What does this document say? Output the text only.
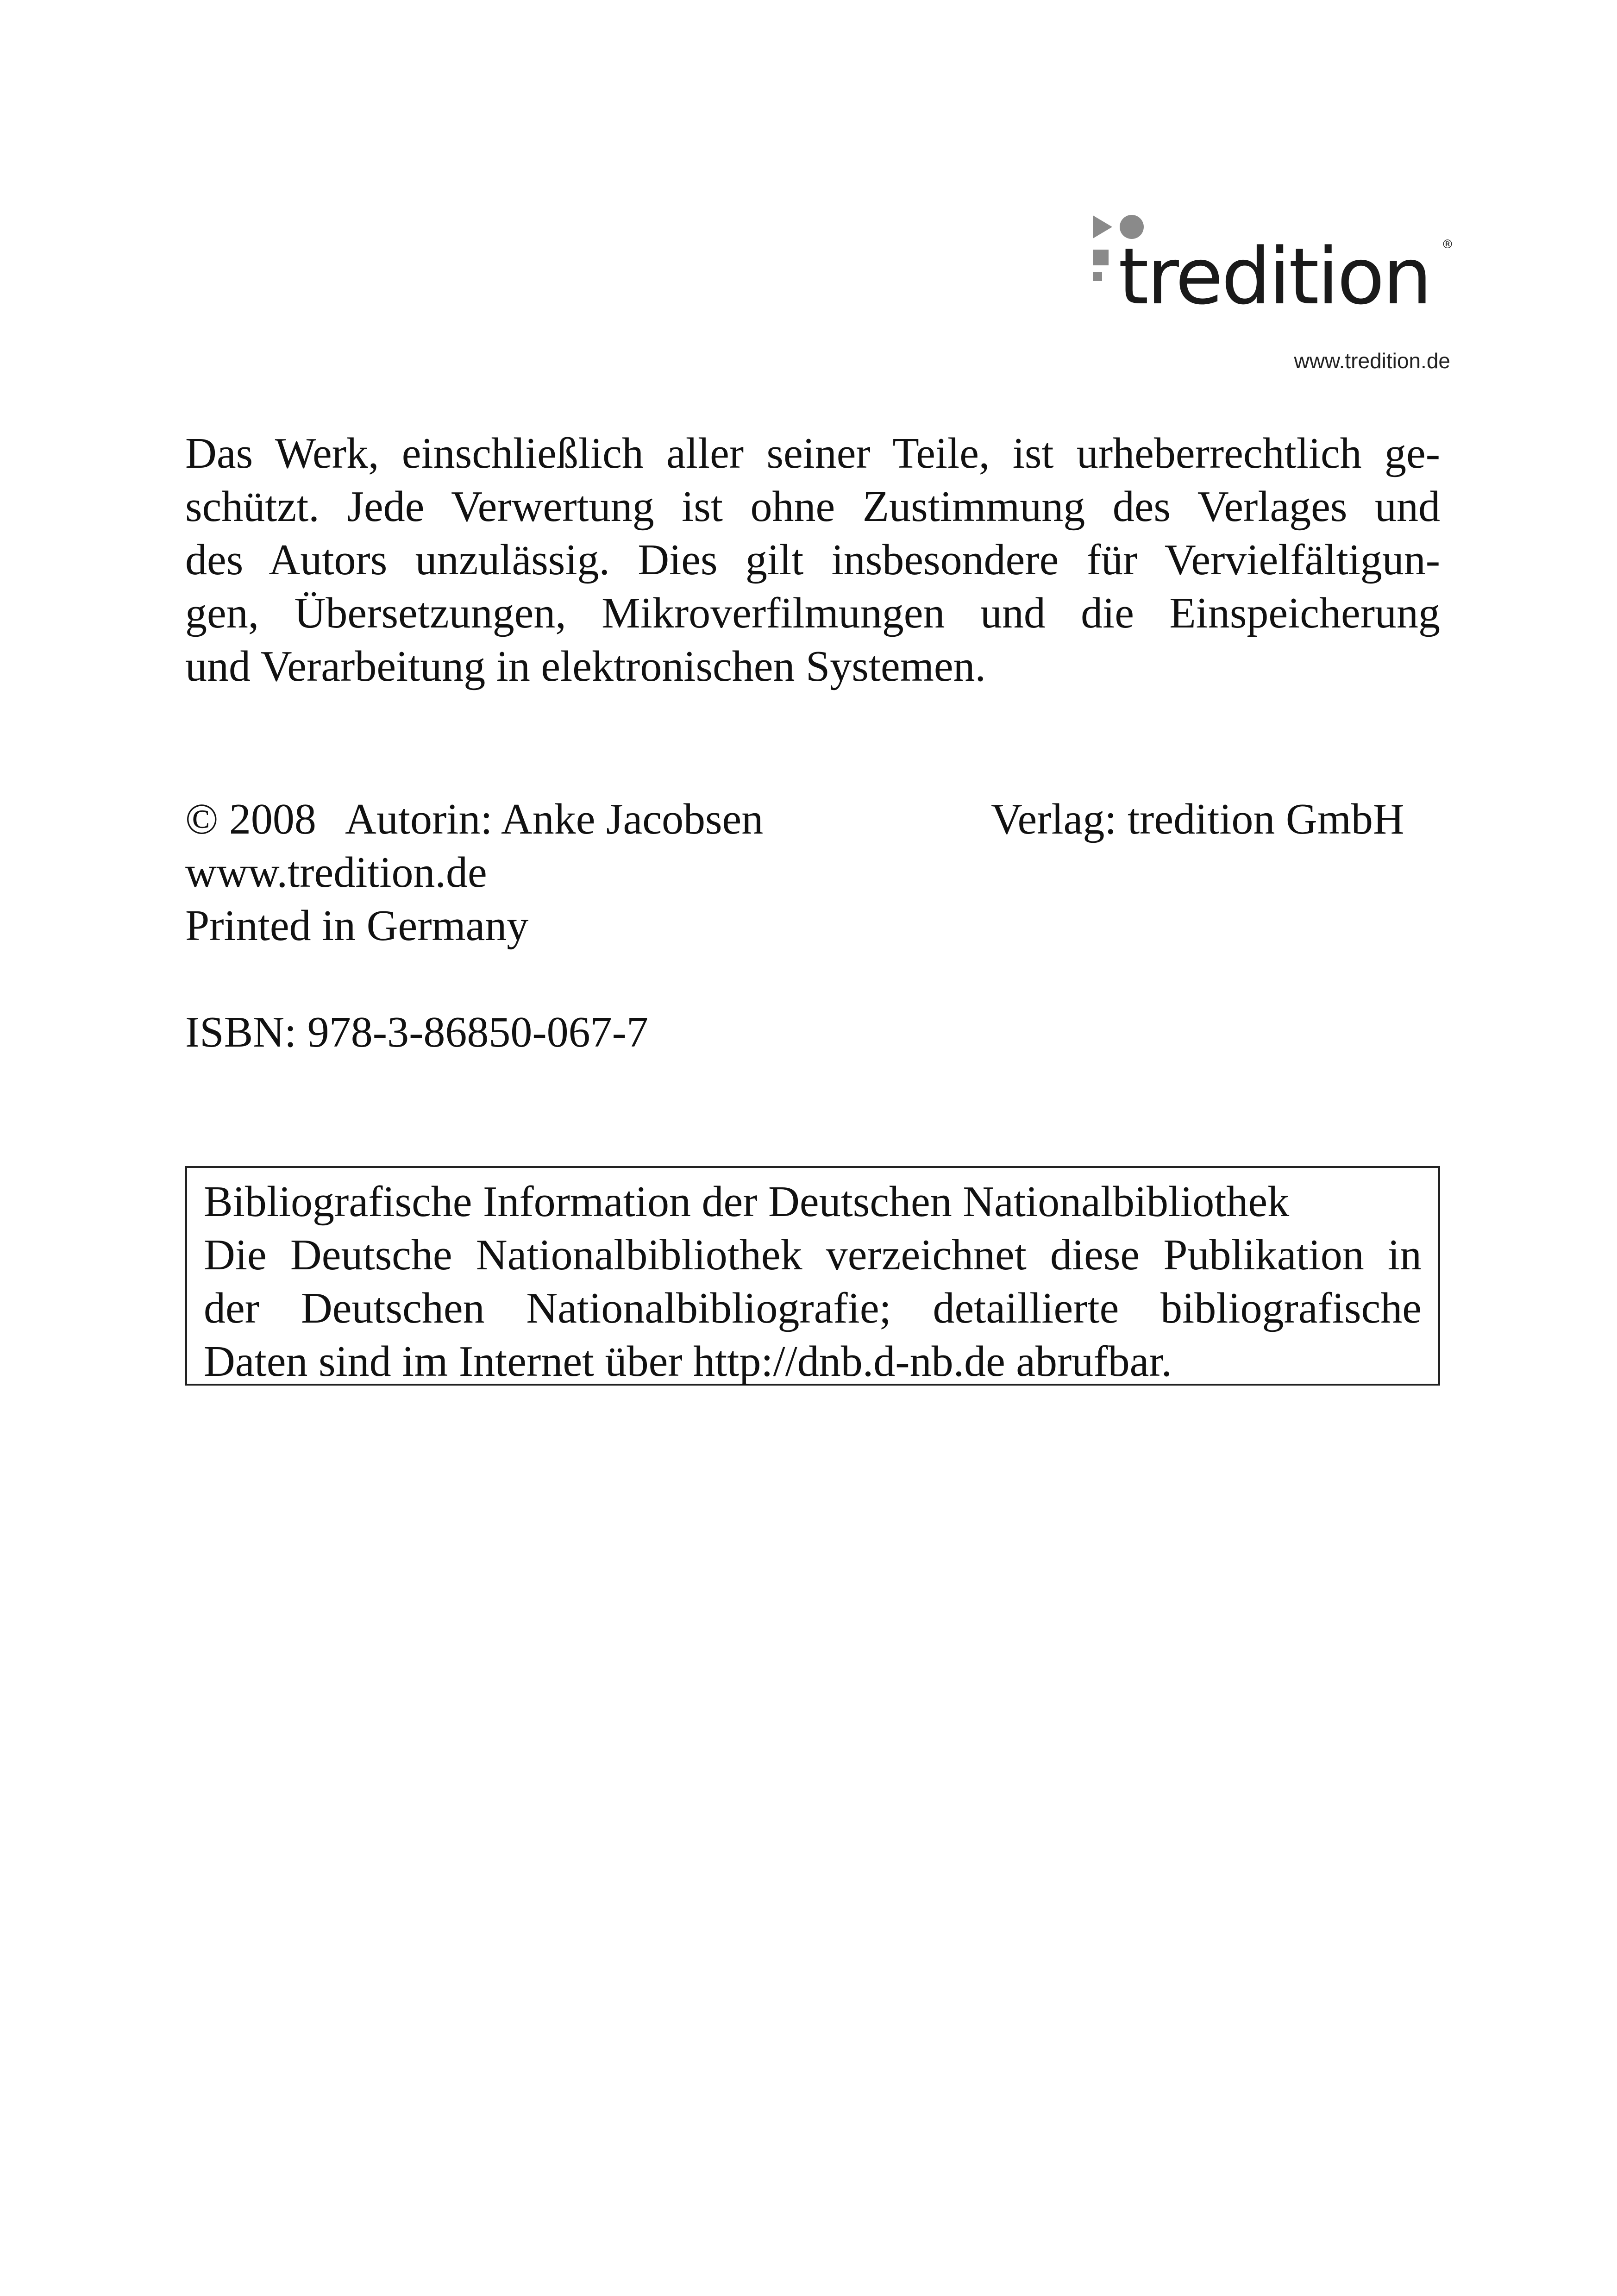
tredition ®
www.tredition.de
Das Werk, einschließlich aller seiner Teile, ist urheberrechtlich ge-
schützt. Jede Verwertung ist ohne Zustimmung des Verlages und
des Autors unzulässig. Dies gilt insbesondere für Vervielfältigun-
gen, Übersetzungen, Mikroverfilmungen und die Einspeicherung
und Verarbeitung in elektronischen Systemen.
© 2008 Autorin: Anke Jacobsen	Verlag: tredition GmbH
www.tredition.de
Printed in Germany
ISBN: 978-3-86850-067-7
Bibliografische Information der Deutschen Nationalbibliothek
Die Deutsche Nationalbibliothek verzeichnet diese Publikation in
der Deutschen Nationalbibliografie; detaillierte bibliografische
Daten sind im Internet über http://dnb.d-nb.de abrufbar.
